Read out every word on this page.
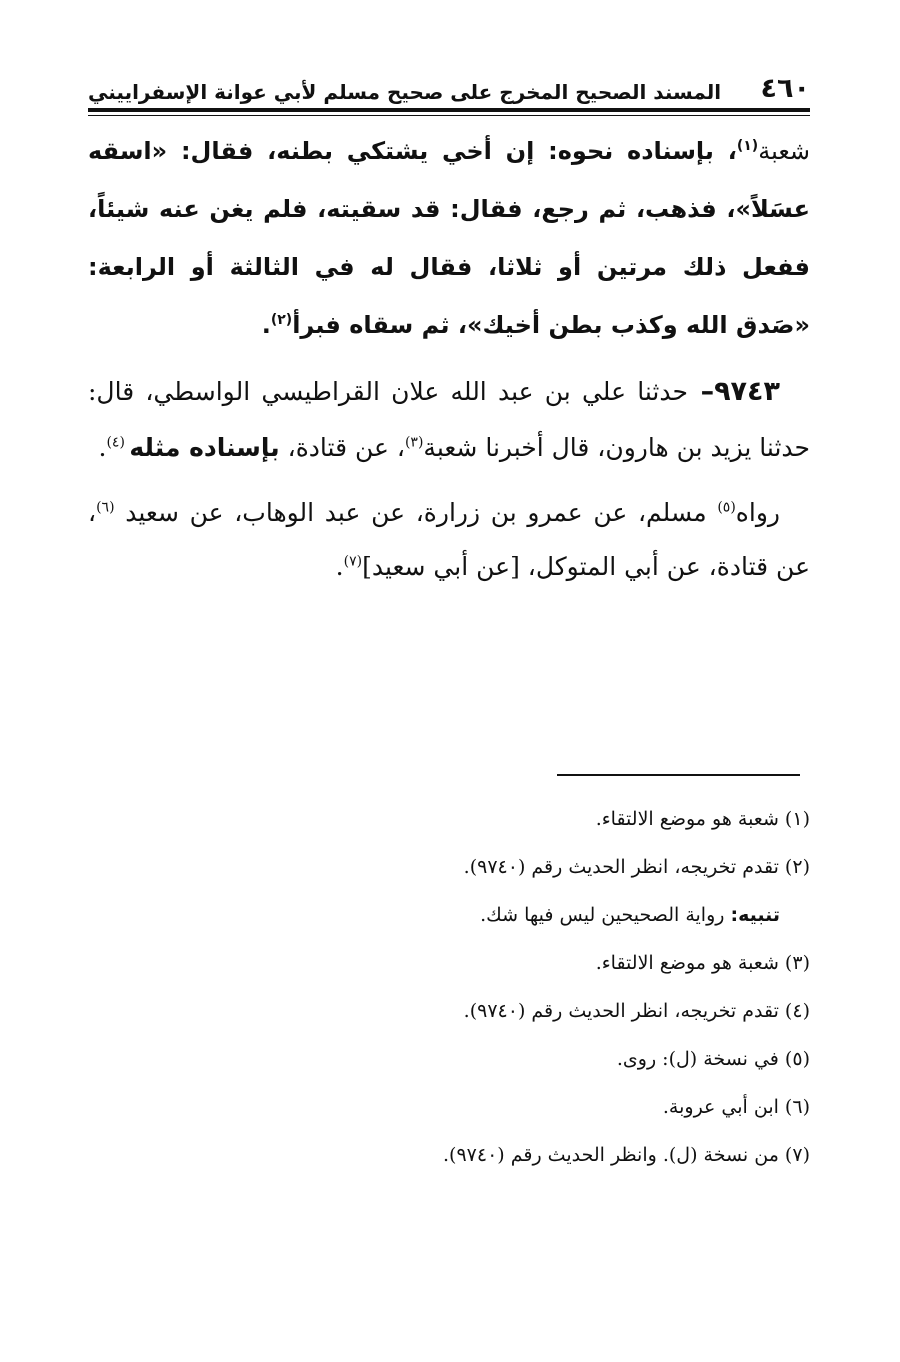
٤٦٠
المسند الصحيح المخرج على صحيح مسلم لأبي عوانة الإسفراييني

شعبة$^{(١)}$، بإسناده نحوه: إن أخي يشتكي بطنه، فقال: «اسقه عسَلاً»، فذهب، ثم رجع، فقال: قد سقيته، فلم يغن عنه شيئاً، ففعل ذلك مرتين أو ثلاثا، فقال له في الثالثة أو الرابعة: «صَدق الله وكذب بطن أخيك»، ثم سقاه فبرأ$^{(٢)}$.

٩٧٤٣– حدثنا علي بن عبد الله علان القراطيسي الواسطي، قال: حدثنا يزيد بن هارون، قال أخبرنا شعبة$^{(٣)}$، عن قتادة، بإسناده مثله $^{(٤)}$.

رواه$^{(٥)}$ مسلم، عن عمرو بن زرارة، عن عبد الوهاب، عن سعيد $^{(٦)}$، عن قتادة، عن أبي المتوكل، [عن أبي سعيد]$^{(٧)}$.

(١) شعبة هو موضع الالتقاء.

(٢) تقدم تخريجه، انظر الحديث رقم (٩٧٤٠).

تنبيه: رواية الصحيحين ليس فيها شك.

(٣) شعبة هو موضع الالتقاء.

(٤) تقدم تخريجه، انظر الحديث رقم (٩٧٤٠).

(٥) في نسخة (ل): روى.

(٦) ابن أبي عروبة.

(٧) من نسخة (ل). وانظر الحديث رقم (٩٧٤٠).
